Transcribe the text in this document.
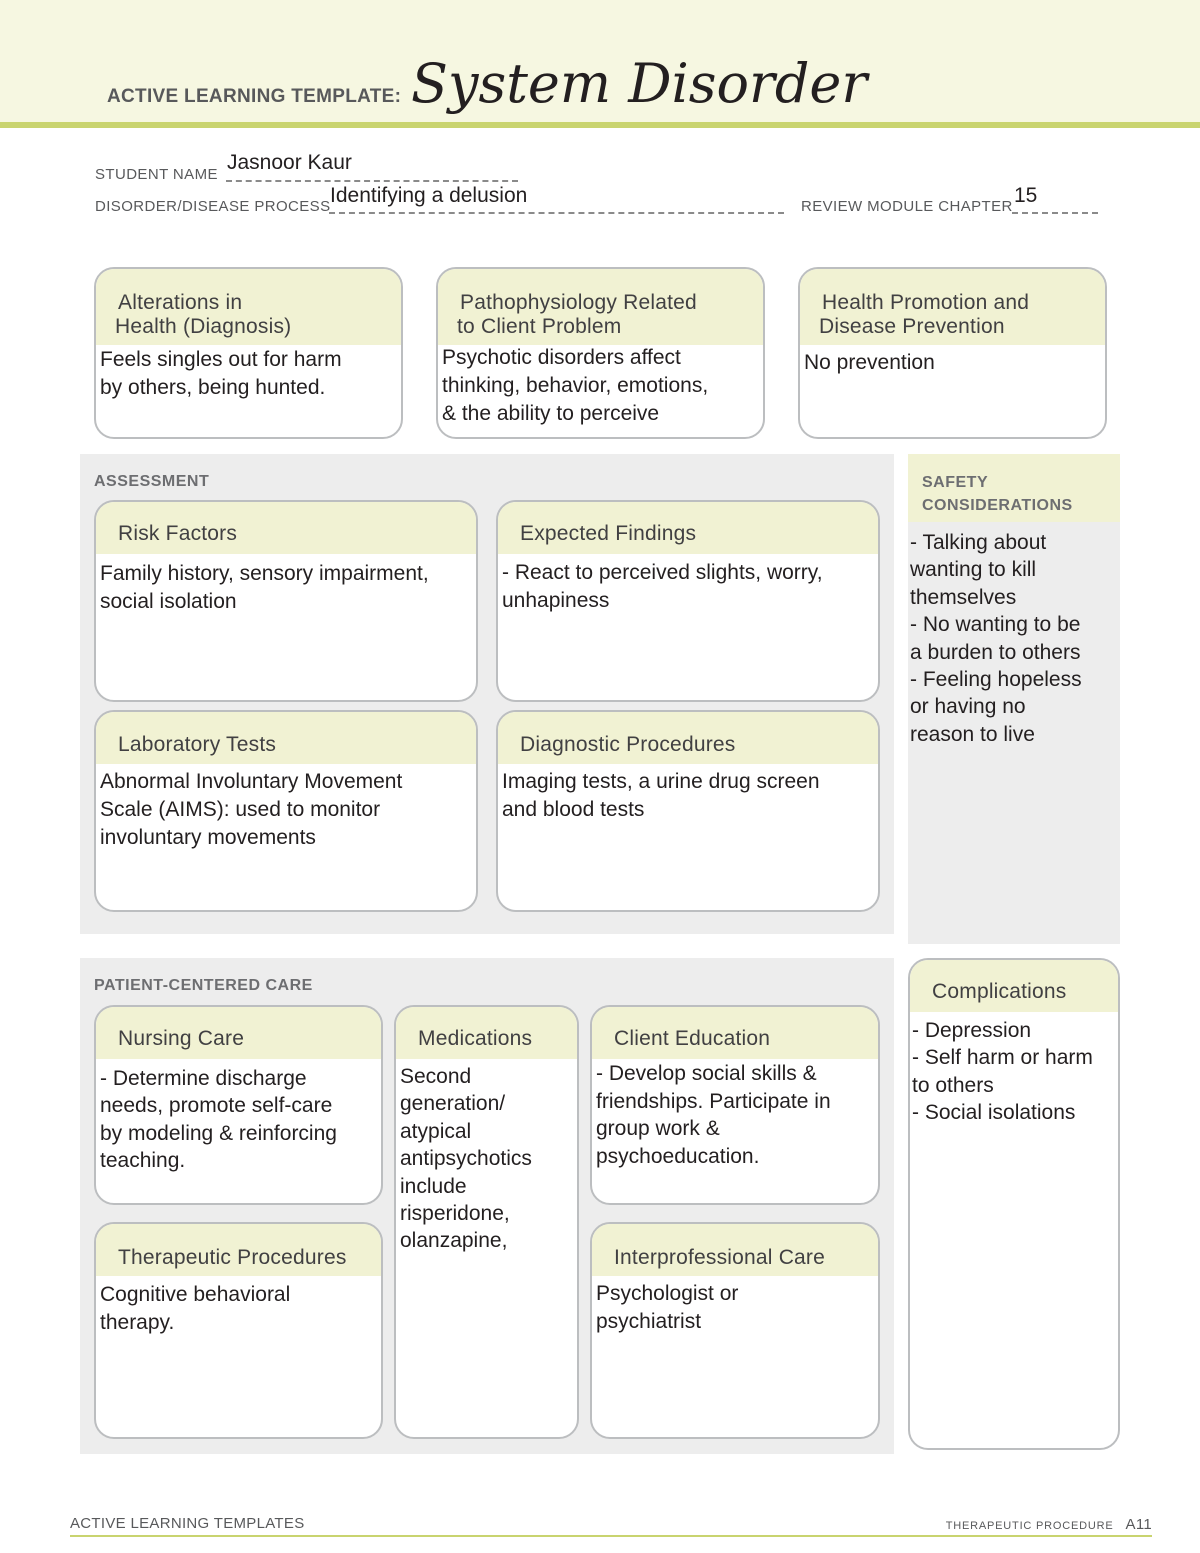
ACTIVE LEARNING TEMPLATE: System Disorder
STUDENT NAME
Jasnoor Kaur
DISORDER/DISEASE PROCESS Identifying a delusion	REVIEW MODULE CHAPTER 15
Alterations in
Health (Diagnosis)
Feels singles out for harm
by others, being hunted.
Pathophysiology Related
to Client Problem
Psychotic disorders affect
thinking, behavior, emotions,
& the ability to perceive
Health Promotion and
Disease Prevention
No prevention
ASSESSMENT
Risk Factors
Family history, sensory impairment,
social isolation
Expected Findings
- React to perceived slights, worry,
unhapiness
Laboratory Tests
Abnormal Involuntary Movement
Scale (AIMS): used to monitor
involuntary movements
Diagnostic Procedures
Imaging tests, a urine drug screen
and blood tests
SAFETY
CONSIDERATIONS
- Talking about
wanting to kill
themselves
- No wanting to be
a burden to others
- Feeling hopeless
or having no
reason to live
PATIENT-CENTERED CARE
Nursing Care
- Determine discharge
needs, promote self-care
by modeling & reinforcing
teaching.
Medications
Second
generation/
atypical
antipsychotics
include
risperidone,
olanzapine,
Client Education
- Develop social skills &
friendships. Participate in
group work &
psychoeducation.
Therapeutic Procedures
Cognitive behavioral
therapy.
Interprofessional Care
Psychologist or
psychiatrist
Complications
- Depression
- Self harm or harm
to others
- Social isolations
ACTIVE LEARNING TEMPLATES	THERAPEUTIC PROCEDURE A11
